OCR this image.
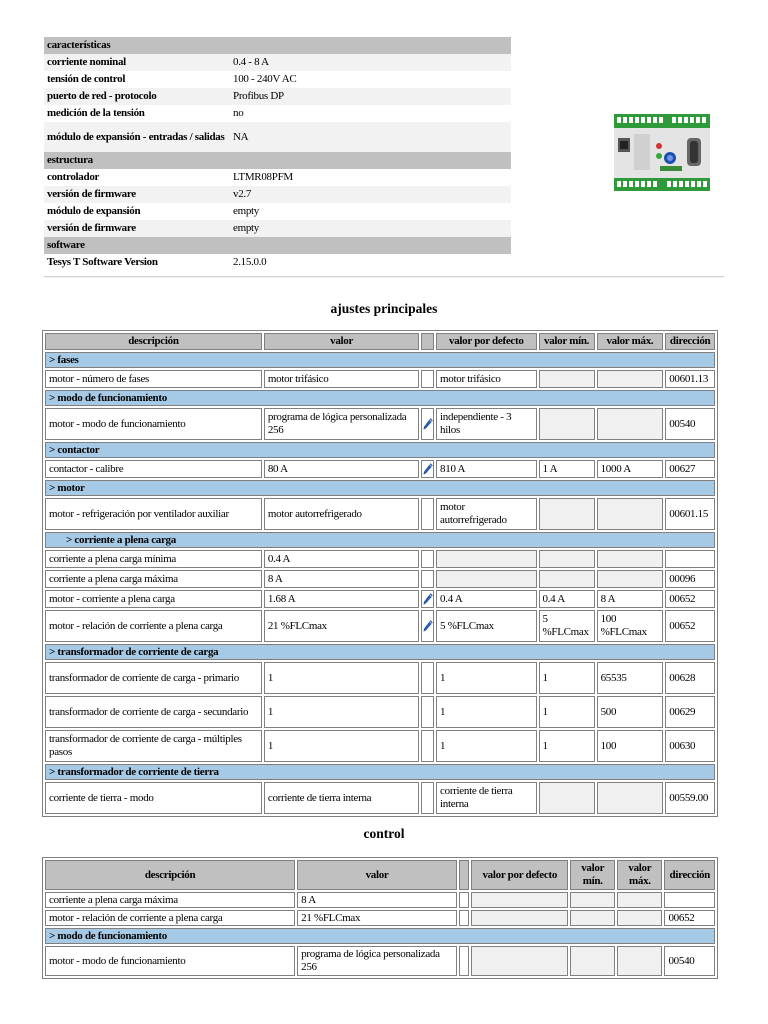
características	
corriente nominal	0.4 - 8 A
tensión de control	100 - 240V AC
puerto de red - protocolo	Profibus DP
medición de la tensión	no
módulo de expansión - entradas / salidas	NA
estructura	
controlador	LTMR08PFM
versión de firmware	v2.7
módulo de expansión	empty
versión de firmware	empty
software	
Tesys T Software Version	2.15.0.0
ajustes principales
descripción	valor		valor por defecto	valor mín.	valor máx.	dirección
> fases						
motor - número de fases	motor trifásico		motor trifásico			00601.13
> modo de funcionamiento						
motor - modo de funcionamiento	programa de lógica personalizada 256		independiente - 3 hilos			00540
> contactor						
contactor - calibre	80 A		810 A	1 A	1000 A	00627
> motor						
motor - refrigeración por ventilador auxiliar	motor autorrefrigerado		motor autorrefrigerado			00601.15
> corriente a plena carga						
corriente a plena carga mínima	0.4 A					
corriente a plena carga máxima	8 A					00096
motor - corriente a plena carga	1.68 A		0.4 A	0.4 A	8 A	00652
motor - relación de corriente a plena carga	21 %FLCmax		5 %FLCmax	5 %FLCmax	100 %FLCmax	00652
> transformador de corriente de carga						
transformador de corriente de carga - primario	1		1	1	65535	00628
transformador de corriente de carga - secundario	1		1	1	500	00629
transformador de corriente de carga - múltiples pasos	1		1	1	100	00630
> transformador de corriente de tierra						
corriente de tierra - modo	corriente de tierra interna		corriente de tierra interna			00559.00
control
descripción	valor		valor por defecto	valor mín.	valor máx.	dirección
corriente a plena carga máxima	8 A					
motor - relación de corriente a plena carga	21 %FLCmax					00652
> modo de funcionamiento						
motor - modo de funcionamiento	programa de lógica personalizada 256					00540
